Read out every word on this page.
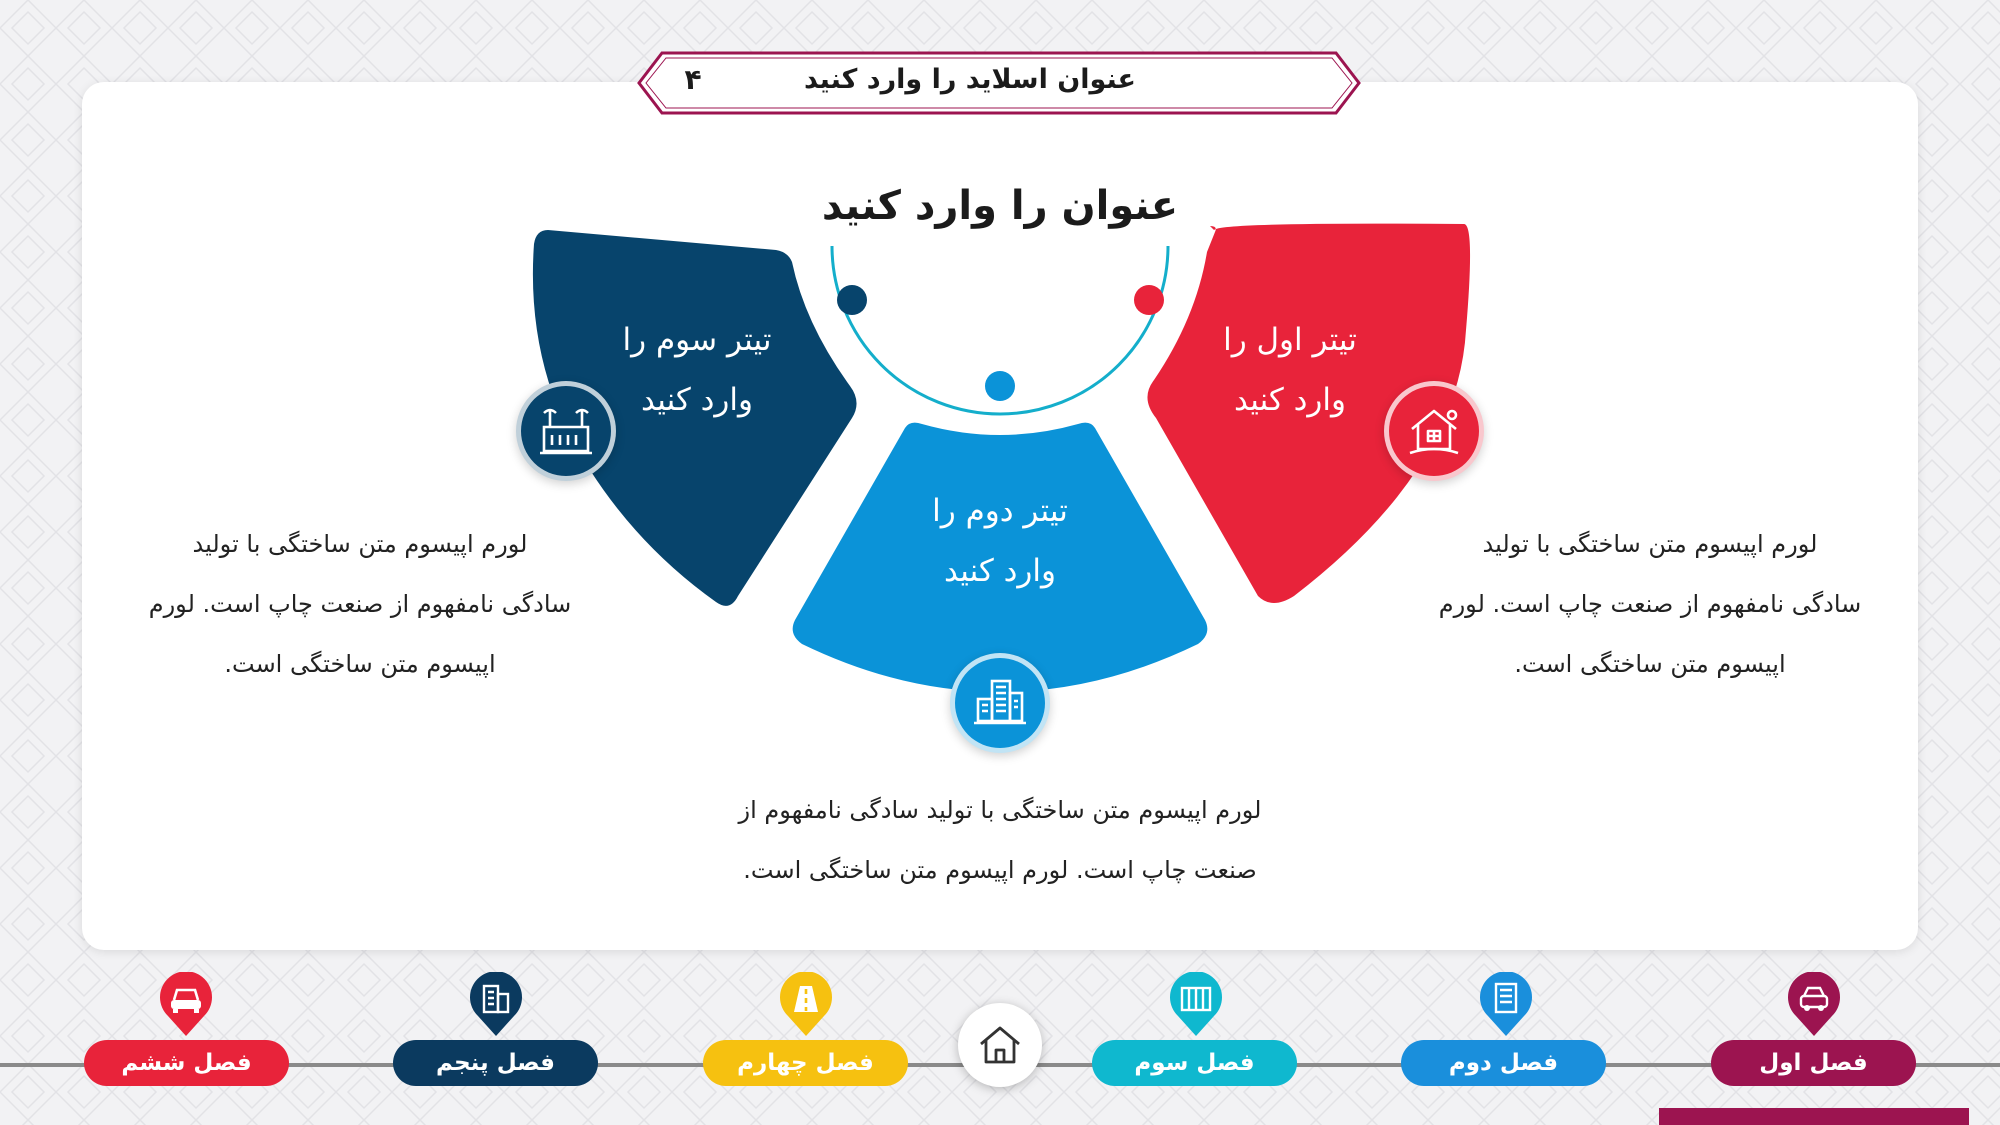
عنوان اسلاید را وارد کنید
۴
عنوان را وارد کنید
تیتر اول را
وارد کنید
تیتر دوم را
وارد کنید
تیتر سوم را
وارد کنید
لورم اپیسوم متن ساختگی با تولید
سادگی نامفهوم از صنعت چاپ است. لورم
اپیسوم متن ساختگی است.
لورم اپیسوم متن ساختگی با تولید
سادگی نامفهوم از صنعت چاپ است. لورم
اپیسوم متن ساختگی است.
لورم اپیسوم متن ساختگی با تولید سادگی نامفهوم از
صنعت چاپ است. لورم اپیسوم متن ساختگی است.
فصل اول
فصل دوم
فصل سوم
فصل چهارم
فصل پنجم
فصل ششم
